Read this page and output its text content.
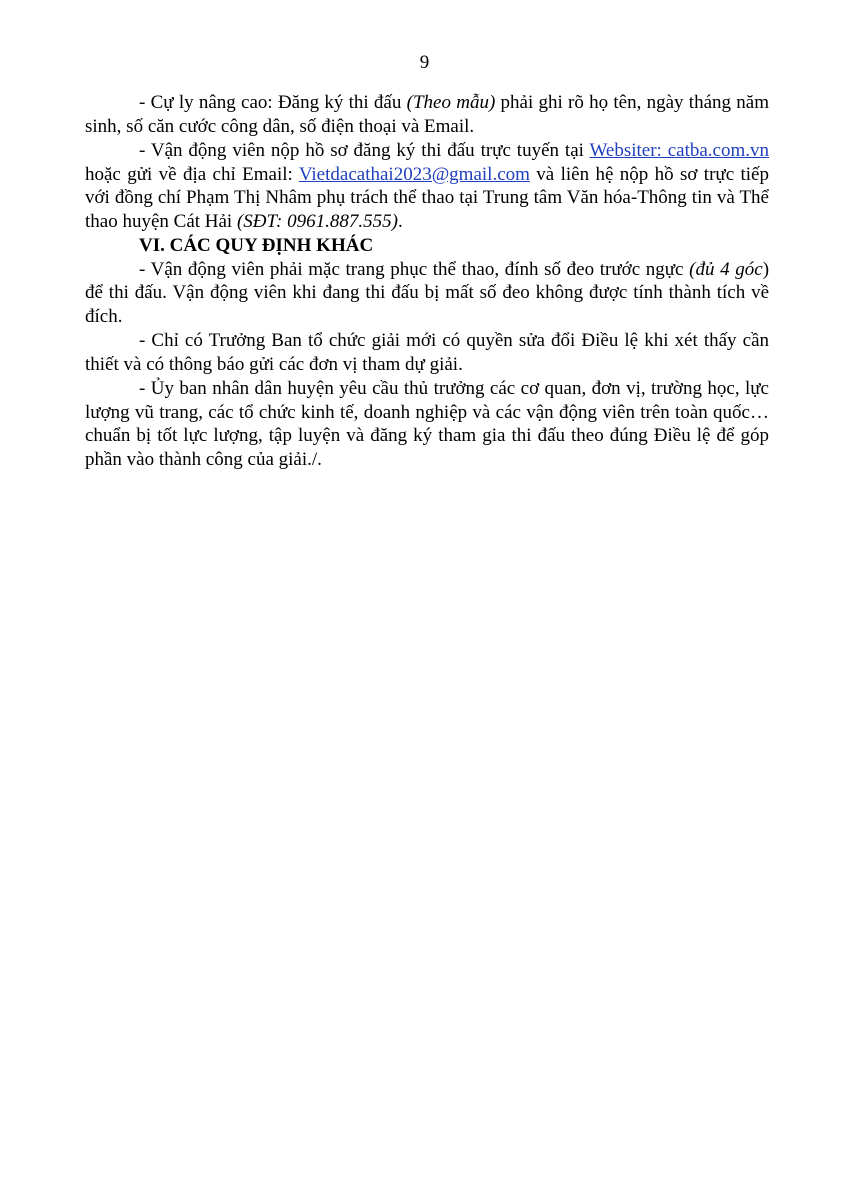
9

- Cự ly nâng cao: Đăng ký thi đấu (Theo mẫu) phải ghi rõ họ tên, ngày tháng năm sinh, số căn cước công dân, số điện thoại và Email.

- Vận động viên nộp hồ sơ đăng ký thi đấu trực tuyến tại Websiter: catba.com.vn hoặc gửi về địa chỉ Email: Vietdacathai2023@gmail.com và liên hệ nộp hồ sơ trực tiếp với đồng chí Phạm Thị Nhâm phụ trách thể thao tại Trung tâm Văn hóa-Thông tin và Thể thao huyện Cát Hải (SĐT: 0961.887.555).

VI. CÁC QUY ĐỊNH KHÁC

- Vận động viên phải mặc trang phục thể thao, đính số đeo trước ngực (đủ 4 góc) để thi đấu. Vận động viên khi đang thi đấu bị mất số đeo không được tính thành tích về đích.

- Chỉ có Trưởng Ban tổ chức giải mới có quyền sửa đổi Điều lệ khi xét thấy cần thiết và có thông báo gửi các đơn vị tham dự giải.

- Ủy ban nhân dân huyện yêu cầu thủ trưởng các cơ quan, đơn vị, trường học, lực lượng vũ trang, các tổ chức kinh tế, doanh nghiệp và các vận động viên trên toàn quốc…chuẩn bị tốt lực lượng, tập luyện và đăng ký tham gia thi đấu theo đúng Điều lệ để góp phần vào thành công của giải./.
